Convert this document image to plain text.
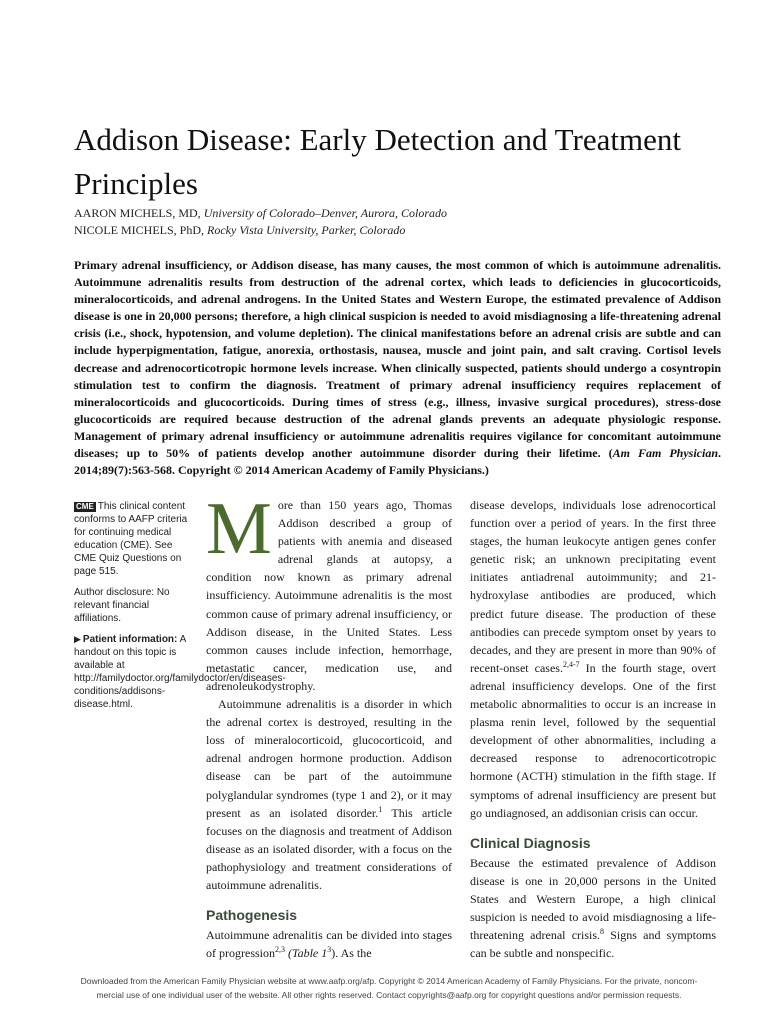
Addison Disease: Early Detection and Treatment Principles
AARON MICHELS, MD, University of Colorado–Denver, Aurora, Colorado
NICOLE MICHELS, PhD, Rocky Vista University, Parker, Colorado

Primary adrenal insufficiency, or Addison disease, has many causes, the most common of which is autoimmune adrenalitis. Autoimmune adrenalitis results from destruction of the adrenal cortex, which leads to deficiencies in glucocorticoids, mineralocorticoids, and adrenal androgens. In the United States and Western Europe, the estimated prevalence of Addison disease is one in 20,000 persons; therefore, a high clinical suspicion is needed to avoid misdiagnosing a life-threatening adrenal crisis (i.e., shock, hypotension, and volume depletion). The clinical manifestations before an adrenal crisis are subtle and can include hyperpigmentation, fatigue, anorexia, orthostasis, nausea, muscle and joint pain, and salt craving. Cortisol levels decrease and adrenocorticotropic hormone levels increase. When clinically suspected, patients should undergo a cosyntropin stimulation test to confirm the diagnosis. Treatment of primary adrenal insufficiency requires replacement of mineralocorticoids and glucocorticoids. During times of stress (e.g., illness, invasive surgical procedures), stress-dose glucocorticoids are required because destruction of the adrenal glands prevents an adequate physiologic response. Management of primary adrenal insufficiency or autoimmune adrenalitis requires vigilance for concomitant autoimmune diseases; up to 50% of patients develop another autoimmune disorder during their lifetime. (Am Fam Physician. 2014;89(7):563-568. Copyright © 2014 American Academy of Family Physicians.)

CME This clinical content conforms to AAFP criteria for continuing medical education (CME). See CME Quiz Questions on page 515.

Author disclosure: No relevant financial affiliations.

▶ Patient information: A handout on this topic is available at http://familydoctor.org/familydoctor/en/diseases-conditions/addisons-disease.html.

More than 150 years ago, Thomas Addison described a group of patients with anemia and diseased adrenal glands at autopsy, a condition now known as primary adrenal insufficiency. Autoimmune adrenalitis is the most common cause of primary adrenal insufficiency, or Addison disease, in the United States. Less common causes include infection, hemorrhage, metastatic cancer, medication use, and adrenoleukodystrophy.

Autoimmune adrenalitis is a disorder in which the adrenal cortex is destroyed, resulting in the loss of mineralocorticoid, glucocorticoid, and adrenal androgen hormone production. Addison disease can be part of the autoimmune polyglandular syndromes (type 1 and 2), or it may present as an isolated disorder.$^1$ This article focuses on the diagnosis and treatment of Addison disease as an isolated disorder, with a focus on the pathophysiology and treatment considerations of autoimmune adrenalitis.

Pathogenesis

Autoimmune adrenalitis can be divided into stages of progression$^{2,3}$ (Table $1^3$). As the

disease develops, individuals lose adrenocortical function over a period of years. In the first three stages, the human leukocyte antigen genes confer genetic risk; an unknown precipitating event initiates antiadrenal autoimmunity; and 21-hydroxylase antibodies are produced, which predict future disease. The production of these antibodies can precede symptom onset by years to decades, and they are present in more than 90% of recent-onset cases.$^{2,4-7}$ In the fourth stage, overt adrenal insufficiency develops. One of the first metabolic abnormalities to occur is an increase in plasma renin level, followed by the sequential development of other abnormalities, including a decreased response to adrenocorticotropic hormone (ACTH) stimulation in the fifth stage. If symptoms of adrenal insufficiency are present but go undiagnosed, an addisonian crisis can occur.

Clinical Diagnosis

Because the estimated prevalence of Addison disease is one in 20,000 persons in the United States and Western Europe, a high clinical suspicion is needed to avoid misdiagnosing a life-threatening adrenal crisis.$^8$ Signs and symptoms can be subtle and nonspecific.

Downloaded from the American Family Physician website at www.aafp.org/afp. Copyright © 2014 American Academy of Family Physicians. For the private, noncom-
mercial use of one individual user of the website. All other rights reserved. Contact copyrights@aafp.org for copyright questions and/or permission requests.
